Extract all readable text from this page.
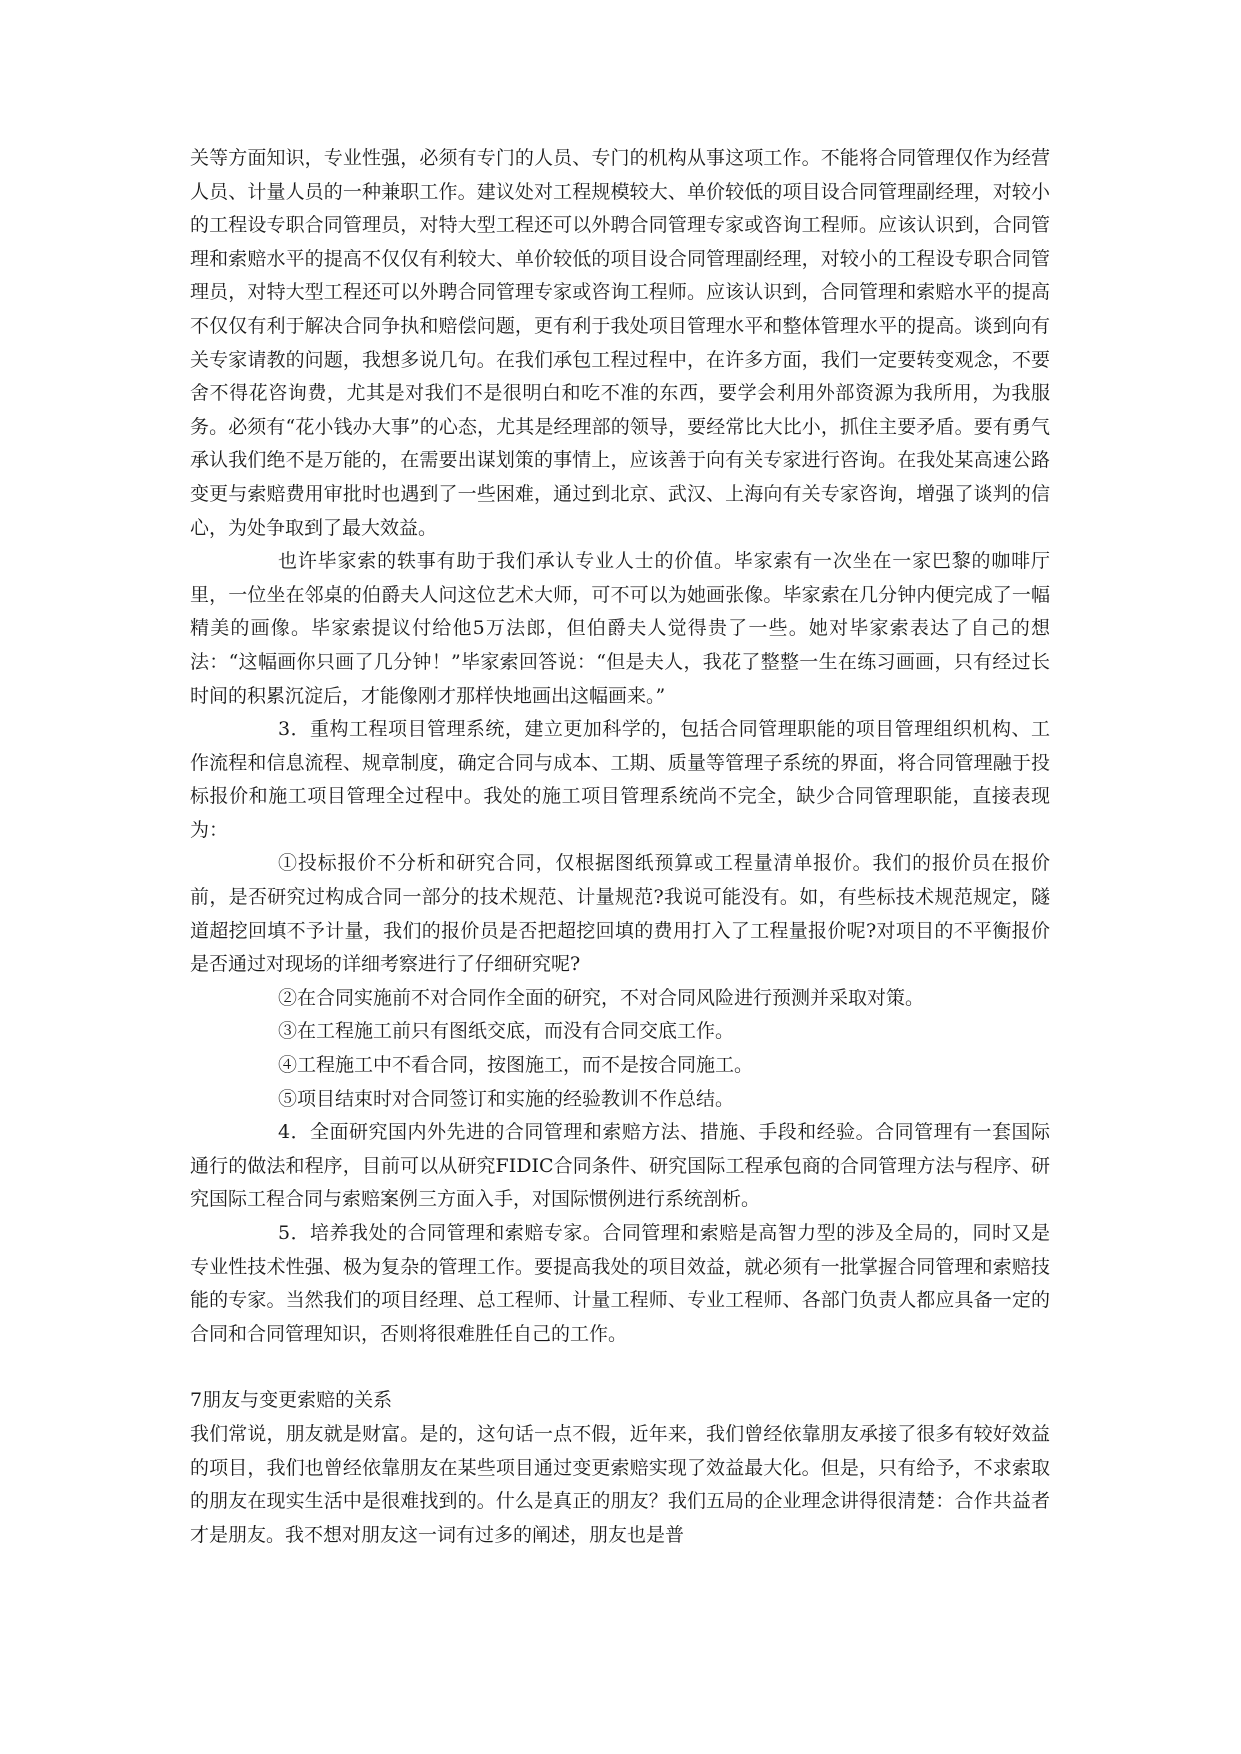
关等方面知识，专业性强，必须有专门的人员、专门的机构从事这项工作。不能将合同管理仅作为经营人员、计量人员的一种兼职工作。建议处对工程规模较大、单价较低的项目设合同管理副经理，对较小的工程设专职合同管理员，对特大型工程还可以外聘合同管理专家或咨询工程师。应该认识到，合同管理和索赔水平的提高不仅仅有利较大、单价较低的项目设合同管理副经理，对较小的工程设专职合同管理员，对特大型工程还可以外聘合同管理专家或咨询工程师。应该认识到，合同管理和索赔水平的提高不仅仅有利于解决合同争执和赔偿问题，更有利于我处项目管理水平和整体管理水平的提高。谈到向有关专家请教的问题，我想多说几句。在我们承包工程过程中，在许多方面，我们一定要转变观念，不要舍不得花咨询费，尤其是对我们不是很明白和吃不准的东西，要学会利用外部资源为我所用，为我服务。必须有“花小钱办大事”的心态，尤其是经理部的领导，要经常比大比小，抓住主要矛盾。要有勇气承认我们绝不是万能的，在需要出谋划策的事情上，应该善于向有关专家进行咨询。在我处某高速公路变更与索赔费用审批时也遇到了一些困难，通过到北京、武汉、上海向有关专家咨询，增强了谈判的信心，为处争取到了最大效益。

也许毕家索的轶事有助于我们承认专业人士的价值。毕家索有一次坐在一家巴黎的咖啡厅里，一位坐在邻桌的伯爵夫人问这位艺术大师，可不可以为她画张像。毕家索在几分钟内便完成了一幅精美的画像。毕家索提议付给他5万法郎，但伯爵夫人觉得贵了一些。她对毕家索表达了自己的想法：“这幅画你只画了几分钟！”毕家索回答说：“但是夫人，我花了整整一生在练习画画，只有经过长时间的积累沉淀后，才能像刚才那样快地画出这幅画来。”

3．重构工程项目管理系统，建立更加科学的，包括合同管理职能的项目管理组织机构、工作流程和信息流程、规章制度，确定合同与成本、工期、质量等管理子系统的界面，将合同管理融于投标报价和施工项目管理全过程中。我处的施工项目管理系统尚不完全，缺少合同管理职能，直接表现为：

①投标报价不分析和研究合同，仅根据图纸预算或工程量清单报价。我们的报价员在报价前，是否研究过构成合同一部分的技术规范、计量规范?我说可能没有。如，有些标技术规范规定，隧道超挖回填不予计量，我们的报价员是否把超挖回填的费用打入了工程量报价呢?对项目的不平衡报价是否通过对现场的详细考察进行了仔细研究呢?

②在合同实施前不对合同作全面的研究，不对合同风险进行预测并采取对策。

③在工程施工前只有图纸交底，而没有合同交底工作。

④工程施工中不看合同，按图施工，而不是按合同施工。

⑤项目结束时对合同签订和实施的经验教训不作总结。

4．全面研究国内外先进的合同管理和索赔方法、措施、手段和经验。合同管理有一套国际通行的做法和程序，目前可以从研究FIDIC合同条件、研究国际工程承包商的合同管理方法与程序、研究国际工程合同与索赔案例三方面入手，对国际惯例进行系统剖析。

5．培养我处的合同管理和索赔专家。合同管理和索赔是高智力型的涉及全局的，同时又是专业性技术性强、极为复杂的管理工作。要提高我处的项目效益，就必须有一批掌握合同管理和索赔技能的专家。当然我们的项目经理、总工程师、计量工程师、专业工程师、各部门负责人都应具备一定的合同和合同管理知识，否则将很难胜任自己的工作。

7朋友与变更索赔的关系

我们常说，朋友就是财富。是的，这句话一点不假，近年来，我们曾经依靠朋友承接了很多有较好效益的项目，我们也曾经依靠朋友在某些项目通过变更索赔实现了效益最大化。但是，只有给予，不求索取的朋友在现实生活中是很难找到的。什么是真正的朋友？我们五局的企业理念讲得很清楚：合作共益者才是朋友。我不想对朋友这一词有过多的阐述，朋友也是普
